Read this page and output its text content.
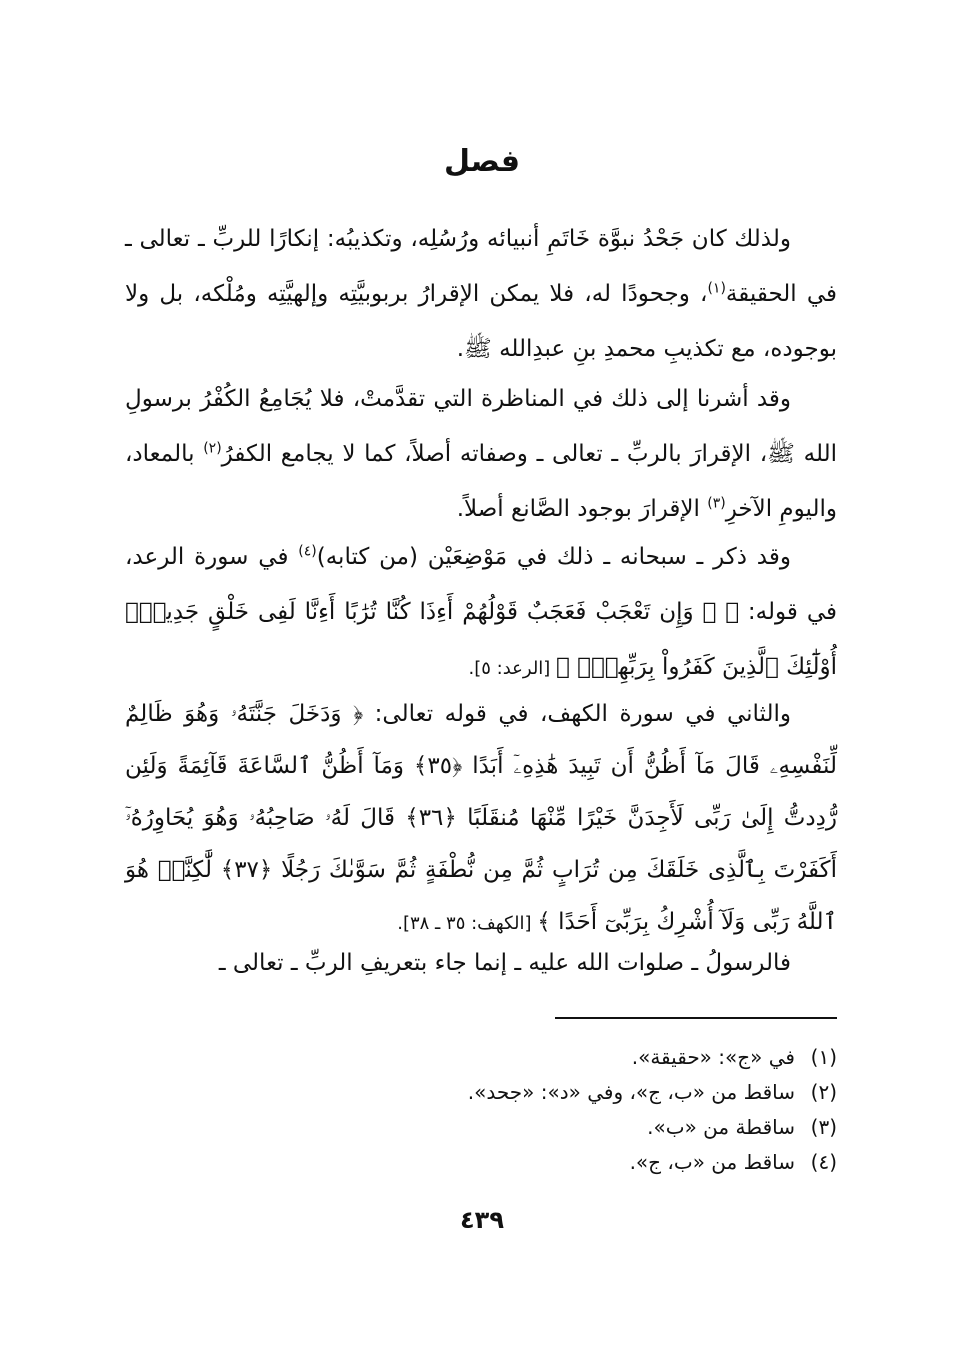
فصل

  ولذلك كان جَحْدُ نبوَّة خَاتَمِ أنبيائه ورُسُلِه، وتكذيبُه: إنكارًا للربِّ ـ تعالى ـ في الحقيقة$^{(١)}$، وجحودًا له، فلا يمكن الإقرارُ بربوبيَّتِه وإلهيَّتِه ومُلْكه، بل ولا بوجوده، مع تكذيبِ محمدِ بنِ عبدِالله ﷺ.

  وقد أشرنا إلى ذلك في المناظرة التي تقدَّمتْ، فلا يُجَامِعُ الكُفْرُ برسولِ الله ﷺ، الإقرارَ بالربِّ ـ تعالى ـ وصفاته أصلاً، كما لا يجامع الكفرُ$^{(٢)}$ بالمعاد، واليومِ الآخرِ$^{(٣)}$ الإقرارَ بوجود الصَّانع أصلاً.

  وقد ذكر ـ سبحانه ـ ذلك في مَوْضِعَيْن (من كتابه)$^{(٤)}$ في سورة الرعد، في قوله: ﴿ ۞ وَإِن تَعْجَبْ فَعَجَبٌ قَوْلُهُمْ أَءِذَا كُنَّا تُرَٰبًا أَءِنَّا لَفِى خَلْقٍ جَدِيدٍۗ أُوْلَٰٓئِكَ ٱلَّذِينَ كَفَرُواْ بِرَبِّهِمْۖ ﴾ [الرعد: ٥].

  والثاني في سورة الكهف، في قوله تعالى: ﴿ وَدَخَلَ جَنَّتَهُۥ وَهُوَ ظَالِمٌ لِّنَفْسِهِۦ قَالَ مَآ أَظُنُّ أَن تَبِيدَ هَٰذِهِۦٓ أَبَدًا ﴿٣٥﴾ وَمَآ أَظُنُّ ٱلسَّاعَةَ قَآئِمَةً وَلَئِن رُّدِدتُّ إِلَىٰ رَبِّى لَأَجِدَنَّ خَيْرًا مِّنْهَا مُنقَلَبًا ﴿٣٦﴾ قَالَ لَهُۥ صَاحِبُهُۥ وَهُوَ يُحَاوِرُهُۥٓ أَكَفَرْتَ بِٱلَّذِى خَلَقَكَ مِن تُرَابٍ ثُمَّ مِن نُّطْفَةٍ ثُمَّ سَوَّىٰكَ رَجُلًا ﴿٣٧﴾ لَّٰكِنَّا۠ هُوَ ٱللَّهُ رَبِّى وَلَآ أُشْرِكُ بِرَبِّىٓ أَحَدًا ﴾ [الكهف: ٣٥ ـ ٣٨].

  فالرسولُ ـ صلوات الله عليه ـ إنما جاء بتعريفِ الربِّ ـ تعالى ـ

(١)في «ج»: «حقيقة».
(٢)ساقط من «ب، ج»، وفي «د»: «جحد».
(٣)ساقطة من «ب».
(٤)ساقط من «ب، ج».
٤٣٩
